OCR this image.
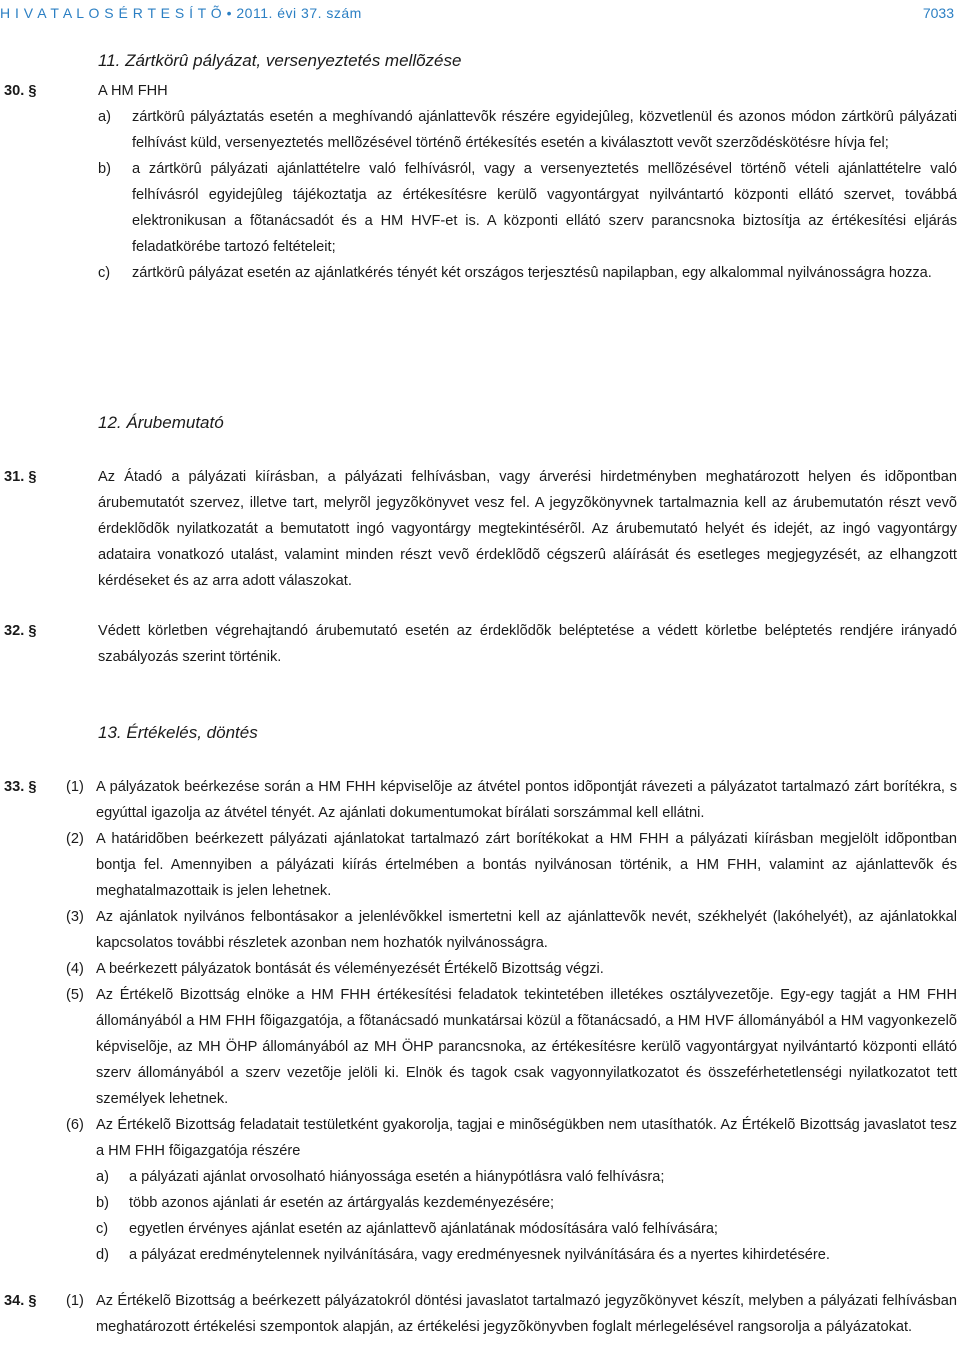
H I V A T A L O S É R T E S Í T Õ • 2011. évi 37. szám	7033
11. Zártkörû pályázat, versenyeztetés mellõzése
30. §	A HM FHH
a) zártkörû pályáztatás esetén a meghívandó ajánlattevõk részére egyidejûleg, közvetlenül és azonos módon zártkörû pályázati felhívást küld, versenyeztetés mellõzésével történõ értékesítés esetén a kiválasztott vevõt szerzõdéskötésre hívja fel;
b) a zártkörû pályázati ajánlattételre való felhívásról, vagy a versenyeztetés mellõzésével történõ vételi ajánlattételre való felhívásról egyidejûleg tájékoztatja az értékesítésre kerülõ vagyontárgyat nyilvántartó központi ellátó szervet, továbbá elektronikusan a fõtanácsadót és a HM HVF-et is. A központi ellátó szerv parancsnoka biztosítja az értékesítési eljárás feladatkörébe tartozó feltételeit;
c) zártkörû pályázat esetén az ajánlatkérés tényét két országos terjesztésû napilapban, egy alkalommal nyilvánosságra hozza.
12. Árubemutató
31. §	Az Átadó a pályázati kiírásban, a pályázati felhívásban, vagy árverési hirdetményben meghatározott helyen és idõpontban árubemutatót szervez, illetve tart, melyrõl jegyzõkönyvet vesz fel. A jegyzõkönyvnek tartalmaznia kell az árubemutatón részt vevõ érdeklõdõk nyilatkozatát a bemutatott ingó vagyontárgy megtekintésérõl. Az árubemutató helyét és idejét, az ingó vagyontárgy adataira vonatkozó utalást, valamint minden részt vevõ érdeklõdõ cégszerû aláírását és esetleges megjegyzését, az elhangzott kérdéseket és az arra adott válaszokat.
32. §	Védett körletben végrehajtandó árubemutató esetén az érdeklõdõk beléptetése a védett körletbe beléptetés rendjére irányadó szabályozás szerint történik.
13. Értékelés, döntés
33. § (1) A pályázatok beérkezése során a HM FHH képviselõje az átvétel pontos idõpontját rávezeti a pályázatot tartalmazó zárt borítékra, s egyúttal igazolja az átvétel tényét. Az ajánlati dokumentumokat bírálati sorszámmal kell ellátni.
(2) A határidõben beérkezett pályázati ajánlatokat tartalmazó zárt borítékokat a HM FHH a pályázati kiírásban megjelölt idõpontban bontja fel. Amennyiben a pályázati kiírás értelmében a bontás nyilvánosan történik, a HM FHH, valamint az ajánlattevõk és meghatalmazottaik is jelen lehetnek.
(3) Az ajánlatok nyilvános felbontásakor a jelenlévõkkel ismertetni kell az ajánlattevõk nevét, székhelyét (lakóhelyét), az ajánlatokkal kapcsolatos további részletek azonban nem hozhatók nyilvánosságra.
(4) A beérkezett pályázatok bontását és véleményezését Értékelõ Bizottság végzi.
(5) Az Értékelõ Bizottság elnöke a HM FHH értékesítési feladatok tekintetében illetékes osztályvezetõje. Egy-egy tagját a HM FHH állományából a HM FHH fõigazgatója, a fõtanácsadó munkatársai közül a fõtanácsadó, a HM HVF állományából a HM vagyonkezelõ képviselõje, az MH ÖHP állományából az MH ÖHP parancsnoka, az értékesítésre kerülõ vagyontárgyat nyilvántartó központi ellátó szerv állományából a szerv vezetõje jelöli ki. Elnök és tagok csak vagyonnyilatkozatot és összeférhetetlenségi nyilatkozatot tett személyek lehetnek.
(6) Az Értékelõ Bizottság feladatait testületként gyakorolja, tagjai e minõségükben nem utasíthatók. Az Értékelõ Bizottság javaslatot tesz a HM FHH fõigazgatója részére
a) a pályázati ajánlat orvosolható hiányossága esetén a hiánypótlásra való felhívásra;
b) több azonos ajánlati ár esetén az ártárgyalás kezdeményezésére;
c) egyetlen érvényes ajánlat esetén az ajánlattevõ ajánlatának módosítására való felhívására;
d) a pályázat eredménytelennek nyilvánítására, vagy eredményesnek nyilvánítására és a nyertes kihirdetésére.
34. § (1) Az Értékelõ Bizottság a beérkezett pályázatokról döntési javaslatot tartalmazó jegyzõkönyvet készít, melyben a pályázati felhívásban meghatározott értékelési szempontok alapján, az értékelési jegyzõkönyvben foglalt mérlegelésével rangsorolja a pályázatokat.
